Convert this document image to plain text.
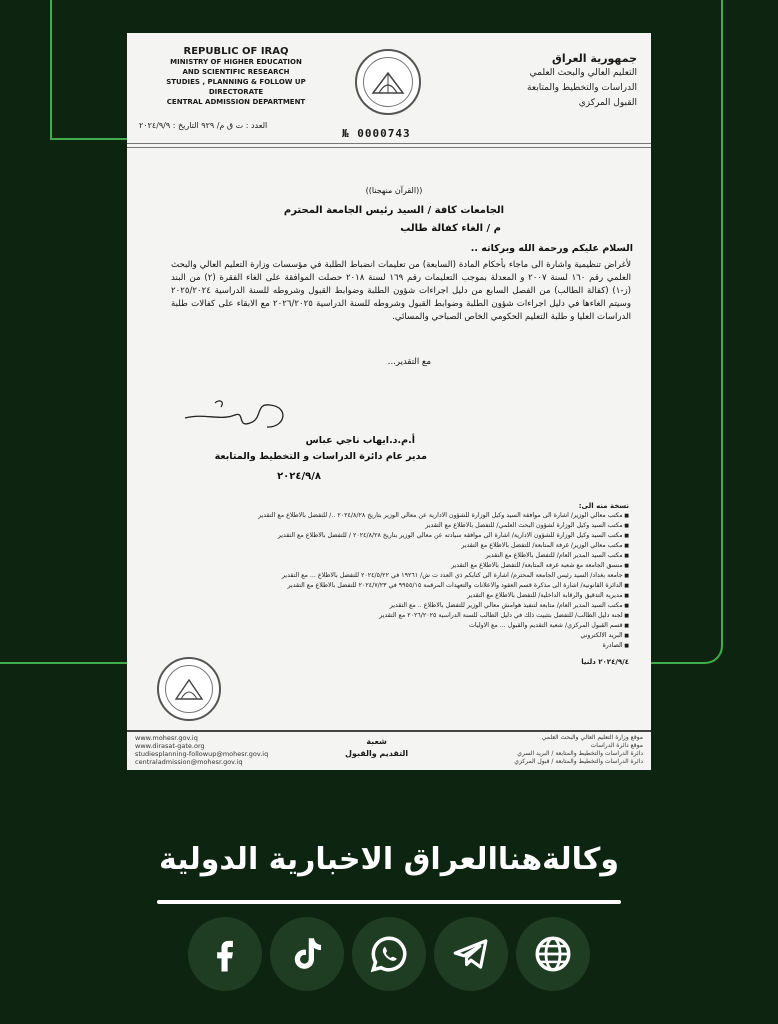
REPUBLIC OF IRAQ
MINISTRY OF HIGHER EDUCATION
AND SCIENTIFIC RESEARCH
STUDIES , PLANNING & FOLLOW UP DIRECTORATE
CENTRAL ADMISSION DEPARTMENT
جمهورية العراق
التعليم العالي والبحث العلمي
الدراسات والتخطيط والمتابعة
القبول المركزي
العدد : ت ق م/ ٩٢٩ التاريخ : ٢٠٢٤/٩/٩
№ 0000743
((القرآن منهجنا))
الجامعات كافة / السيد رئيس الجامعة المحترم
م / الغاء كفالة طالب
السلام عليكم ورحمة الله وبركاته ..
لأغراض تنظيمية واشارة الى ماجاء بأحكام المادة (السابعة) من تعليمات انضباط الطلبة في مؤسسات وزارة التعليم العالي والبحث العلمي رقم ١٦٠ لسنة ٢٠٠٧ و المعدلة بموجب التعليمات رقم ١٦٩ لسنة ٢٠١٨ حصلت الموافقة على الغاء الفقرة (٢) من البند (ز-١) (كفالة الطالب) من الفصل السابع من دليل اجراءات شؤون الطلبة وضوابط القبول وشروطه للسنة الدراسية ٢٠٢٥/٢٠٢٤ وسيتم الغاءها في دليل اجراءات شؤون الطلبة وضوابط القبول وشروطه للسنة الدراسية ٢٠٢٦/٢٠٢٥ مع الابقاء على كفالات طلبة الدراسات العليا و طلبة التعليم الحكومي الخاص الصباحي والمسائي.
مع التقدير...
أ.م.د.ايهاب ناجي عباس
مدير عام دائرة الدراسات و التخطيط والمتابعة
٢٠٢٤/٩/٨
نسخة منه الى:
■ مكتب معالي الوزير/ اشارة الى موافقة السيد وكيل الوزارة للشؤون الادارية عن معالي الوزير بتاريخ ٢٠٢٤/٨/٢٨ ../ للتفضل بالاطلاع مع التقدير
■ مكتب السيد وكيل الوزارة لشؤون البحث العلمي/ للتفضل بالاطلاع مع التقدير
■ مكتب السيد وكيل الوزارة للشؤون الادارية/ اشارة الى موافقة سيادته عن معالي الوزير بتاريخ ٢٠٢٤/٨/٢٨ / للتفضل بالاطلاع مع التقدير
■ مكتب معالي الوزير/ غرفة المتابعة/ للتفضل بالاطلاع مع التقدير
■ مكتب السيد المدير العام/ للتفضل بالاطلاع مع التقدير
■ منسق الجامعة مع شعبة غرفة المتابعة/ للتفضل بالاطلاع مع التقدير
■ جامعة بغداد/ السيد رئيس الجامعة المحترم/ اشارة الى كتابكم ذي العدد ت ش/ ١٩٢٦١ في ٢٠٢٤/٥/٢٢ للتفضل بالاطلاع ... مع التقدير
■ الدائرة القانونية/ اشارة الى مذكرة قسم العقود والاعلانات والتعهدات المرقمة ٩٩٥٥/١٥ في ٢٠٢٤/٧/٢٣ للتفضل بالاطلاع مع التقدير
■ مديرية التدقيق والرقابة الداخلية/ للتفضل بالاطلاع مع التقدير
■ مكتب السيد المدير العام/ متابعة لتنفيذ هوامش معالي الوزير للتفضل بالاطلاع .. مع التقدير
■ لجنة دليل الطالب/ للتفضل بتثبيت ذلك في دليل الطالب للسنة الدراسية ٢٠٢٦/٢٠٢٥ مع التقدير
■ قسم القبول المركزي/ شعبة التقديم والقبول ... مع الاوليات
■ البريد الالكتروني
■ الصادرة
٢٠٢٤/٩/٤ دلنيا
www.mohesr.gov.iq
www.dirasat-gate.org
studiesplanning-followup@mohesr.gov.iq
centraladmission@mohesr.gov.iq
شعبة
التقديم والقبول
موقع وزارة التعليم العالي والبحث العلمي
موقع دائرة الدراسات
دائرة الدراسات والتخطيط والمتابعة / البريد السري
دائرة الدراسات والتخطيط والمتابعة / قبول المركزي
وكالةهناالعراق الاخبارية الدولية
